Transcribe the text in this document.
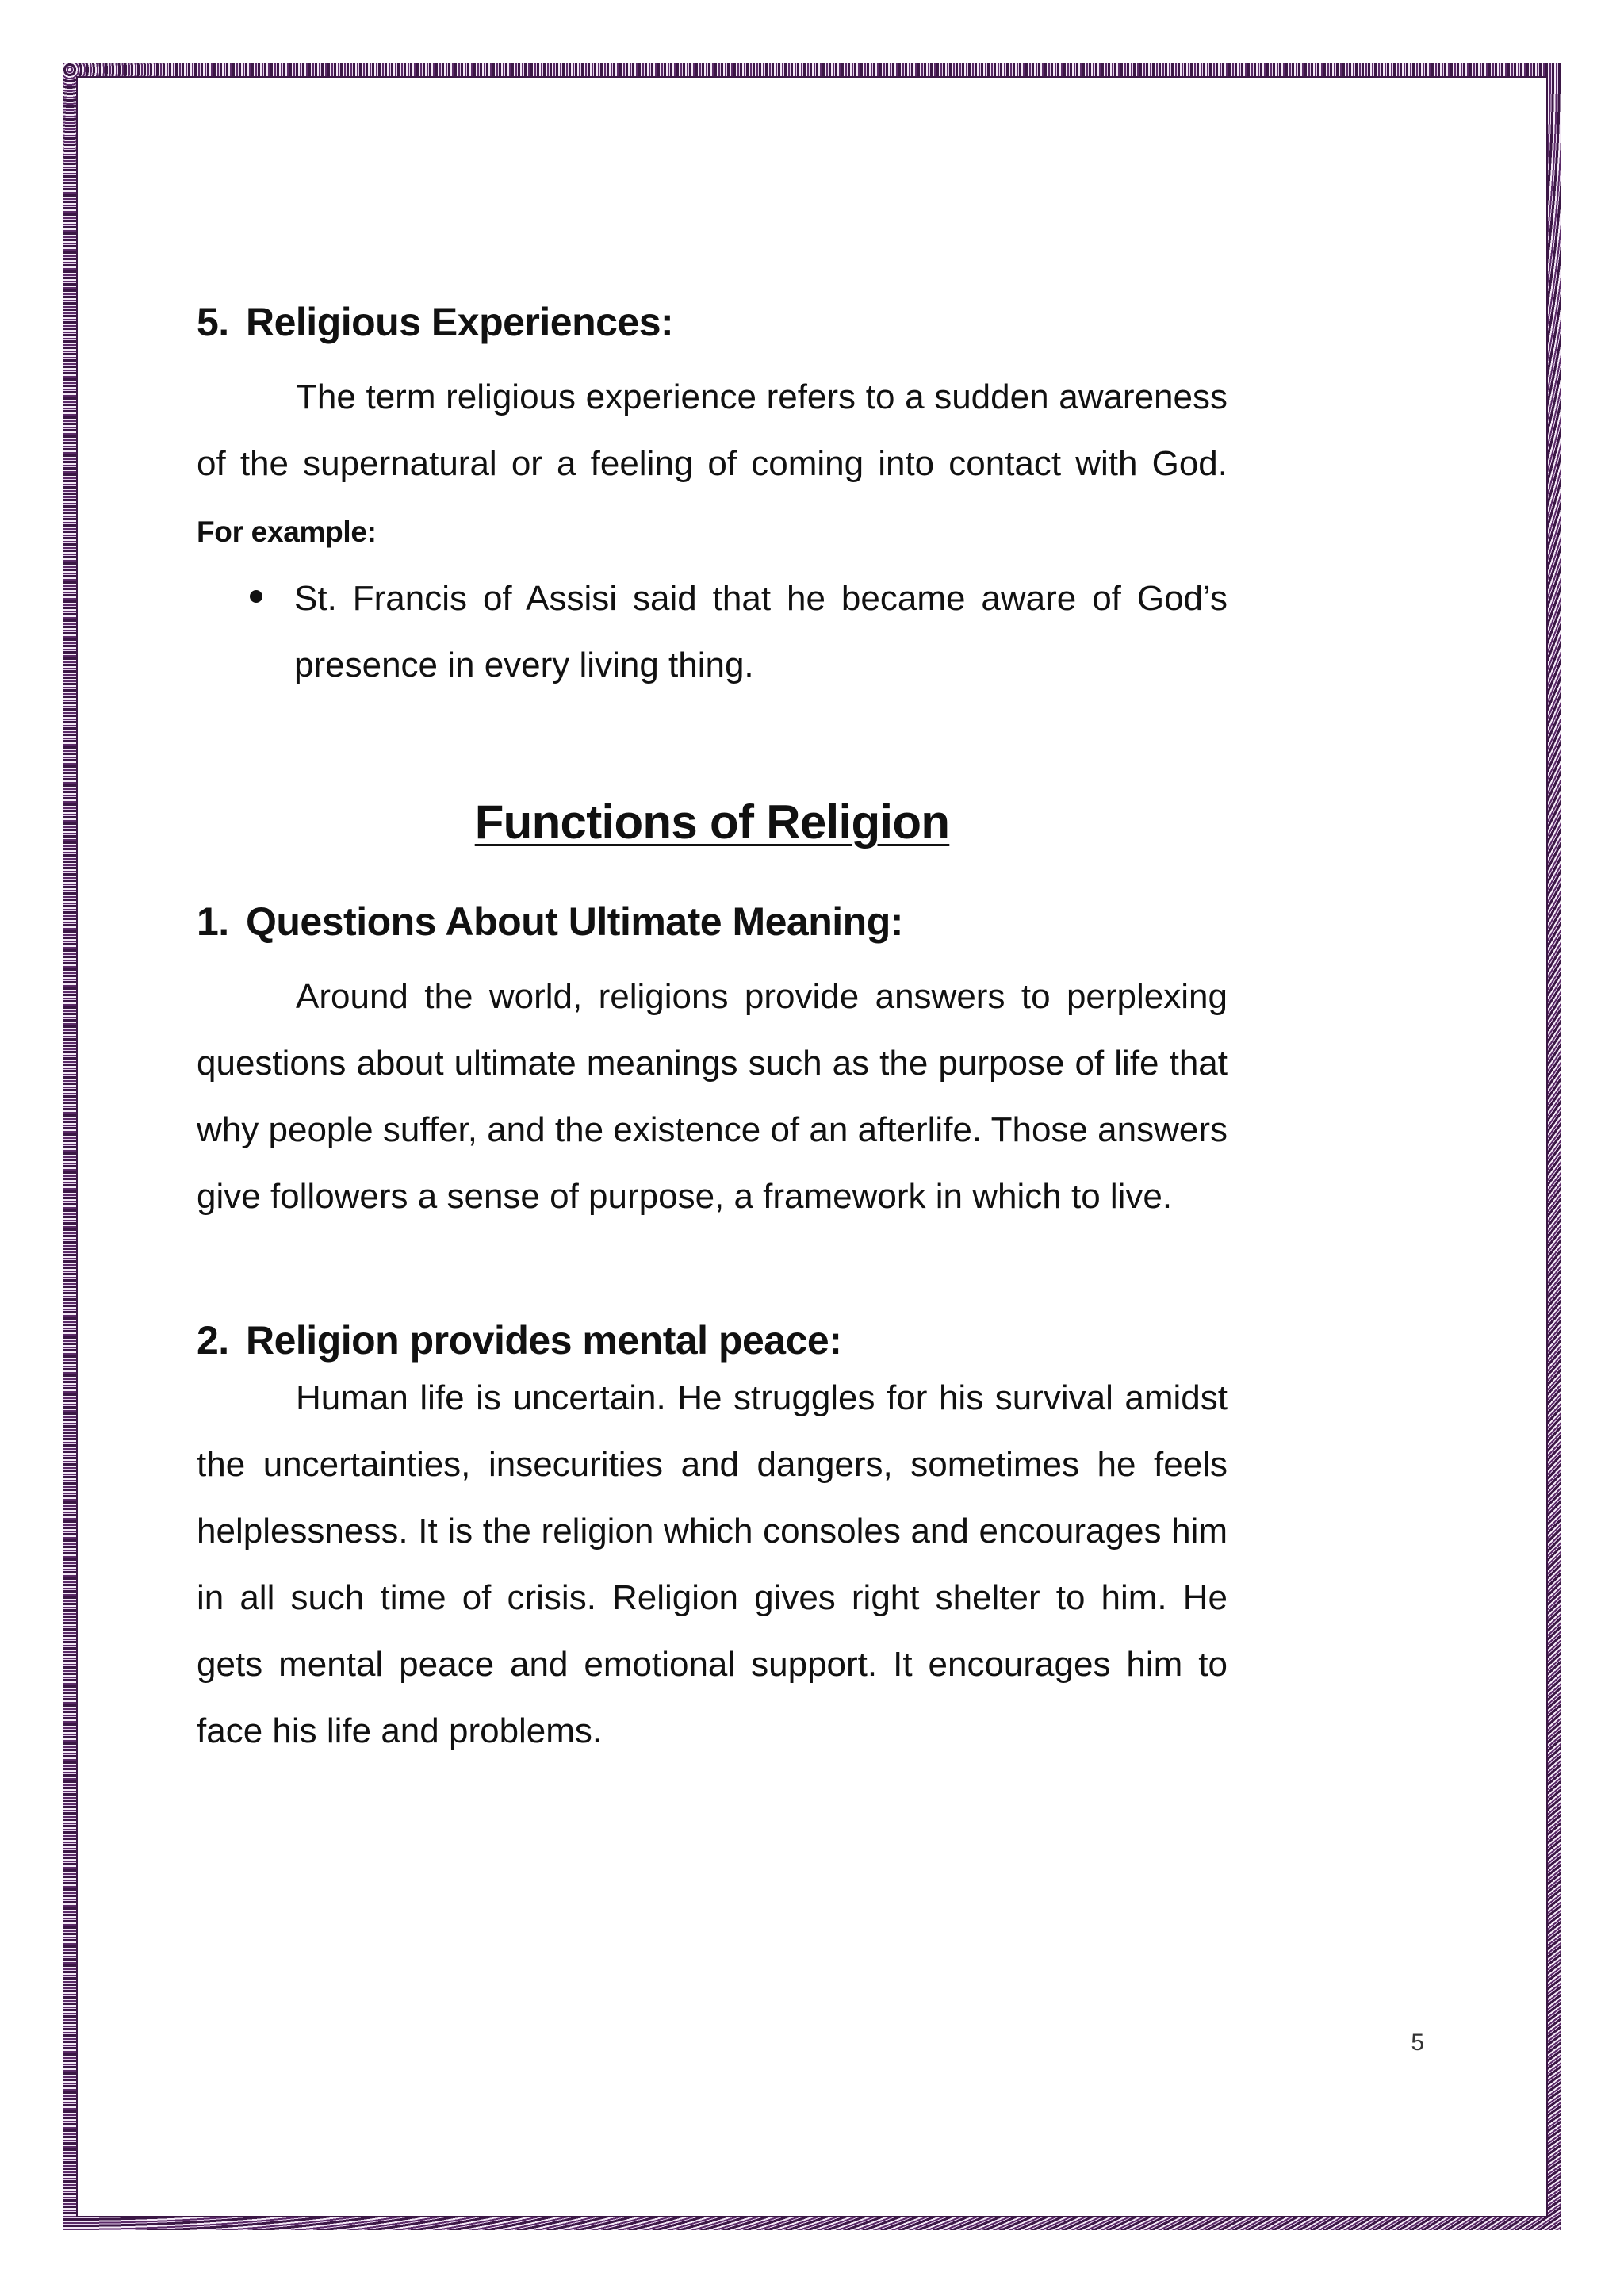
5. Religious Experiences:

The term religious experience refers to a sudden awareness of the supernatural or a feeling of coming into contact with God. For example:

St. Francis of Assisi said that he became aware of God’s presence in every living thing.
Functions of Religion
1. Questions About Ultimate Meaning:

Around the world, religions provide answers to perplexing questions about ultimate meanings such as the purpose of life that why people suffer, and the existence of an afterlife. Those answers give followers a sense of purpose, a framework in which to live.

2. Religion provides mental peace:

Human life is uncertain. He struggles for his survival amidst the uncertainties, insecurities and dangers, sometimes he feels helplessness. It is the religion which consoles and encourages him in all such time of crisis. Religion gives right shelter to him. He gets mental peace and emotional support. It encourages him to face his life and problems.

5
